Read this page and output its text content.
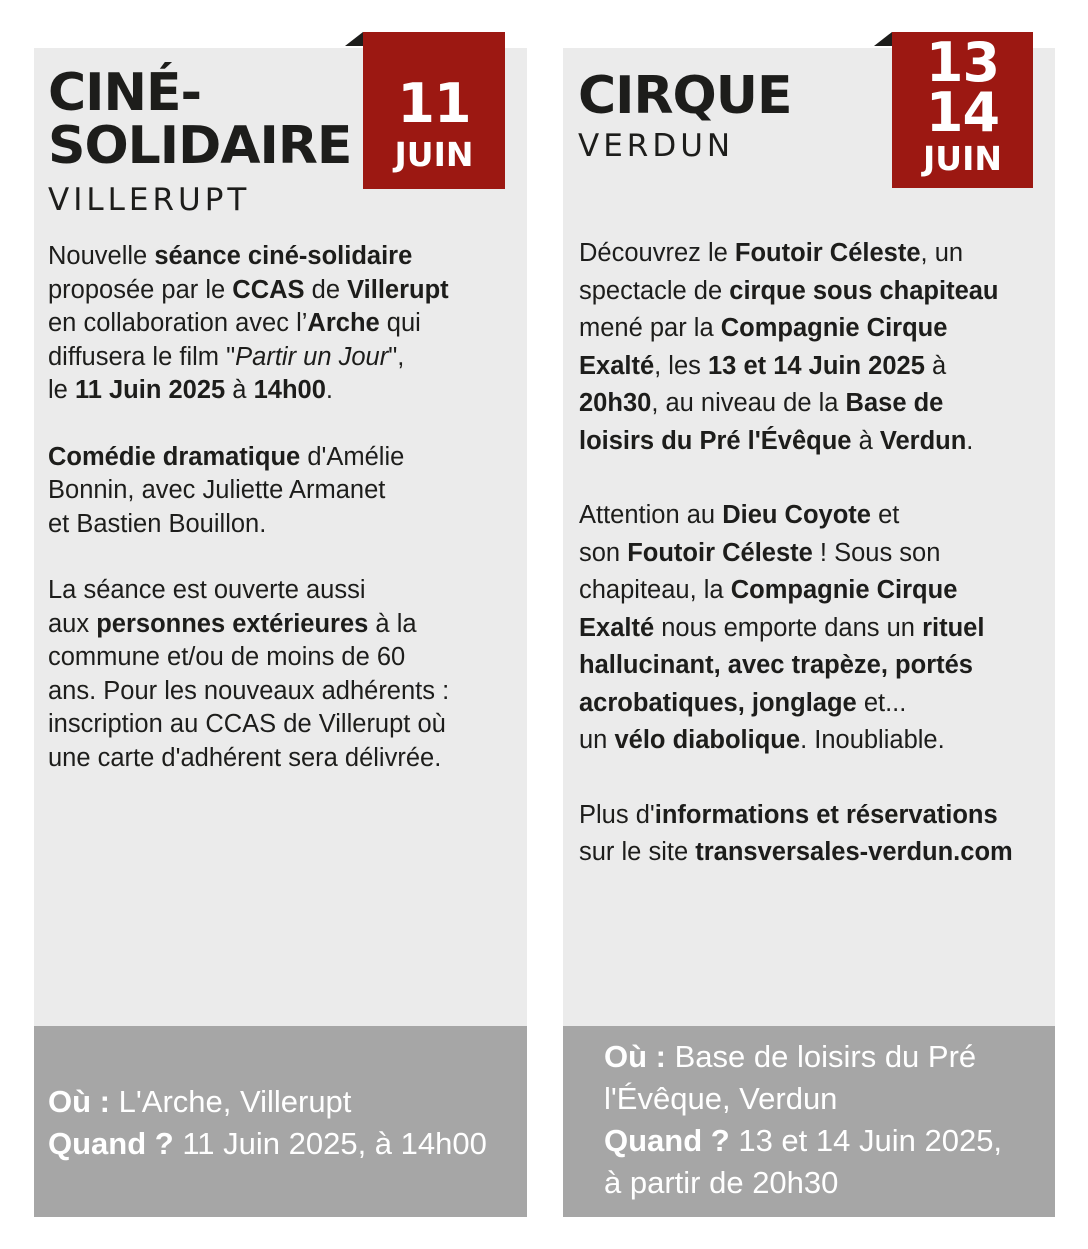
CINÉ-
SOLIDAIRE
VILLERUPT
11
JUIN

Nouvelle séance ciné-solidaire
proposée par le CCAS de Villerupt
en collaboration avec l’Arche qui
diffusera le film "Partir un Jour",
le 11 Juin 2025 à 14h00.

Comédie dramatique d'Amélie
Bonnin, avec Juliette Armanet
et Bastien Bouillon.

La séance est ouverte aussi
aux personnes extérieures à la
commune et/ou de moins de 60
ans. Pour les nouveaux adhérents :
inscription au CCAS de Villerupt où
une carte d'adhérent sera délivrée.

Où : L'Arche, Villerupt
Quand ? 11 Juin 2025, à 14h00
CIRQUE
VERDUN
13
14
JUIN

Découvrez le Foutoir Céleste, un
spectacle de cirque sous chapiteau
mené par la Compagnie Cirque
Exalté, les 13 et 14 Juin 2025 à
20h30, au niveau de la Base de
loisirs du Pré l'Évêque à Verdun.

Attention au Dieu Coyote et
son Foutoir Céleste ! Sous son
chapiteau, la Compagnie Cirque
Exalté nous emporte dans un rituel
hallucinant, avec trapèze, portés
acrobatiques, jonglage et...
un vélo diabolique. Inoubliable.

Plus d'informations et réservations
sur le site transversales-verdun.com

Où : Base de loisirs du Pré
l'Évêque, Verdun
Quand ? 13 et 14 Juin 2025,
à partir de 20h30
